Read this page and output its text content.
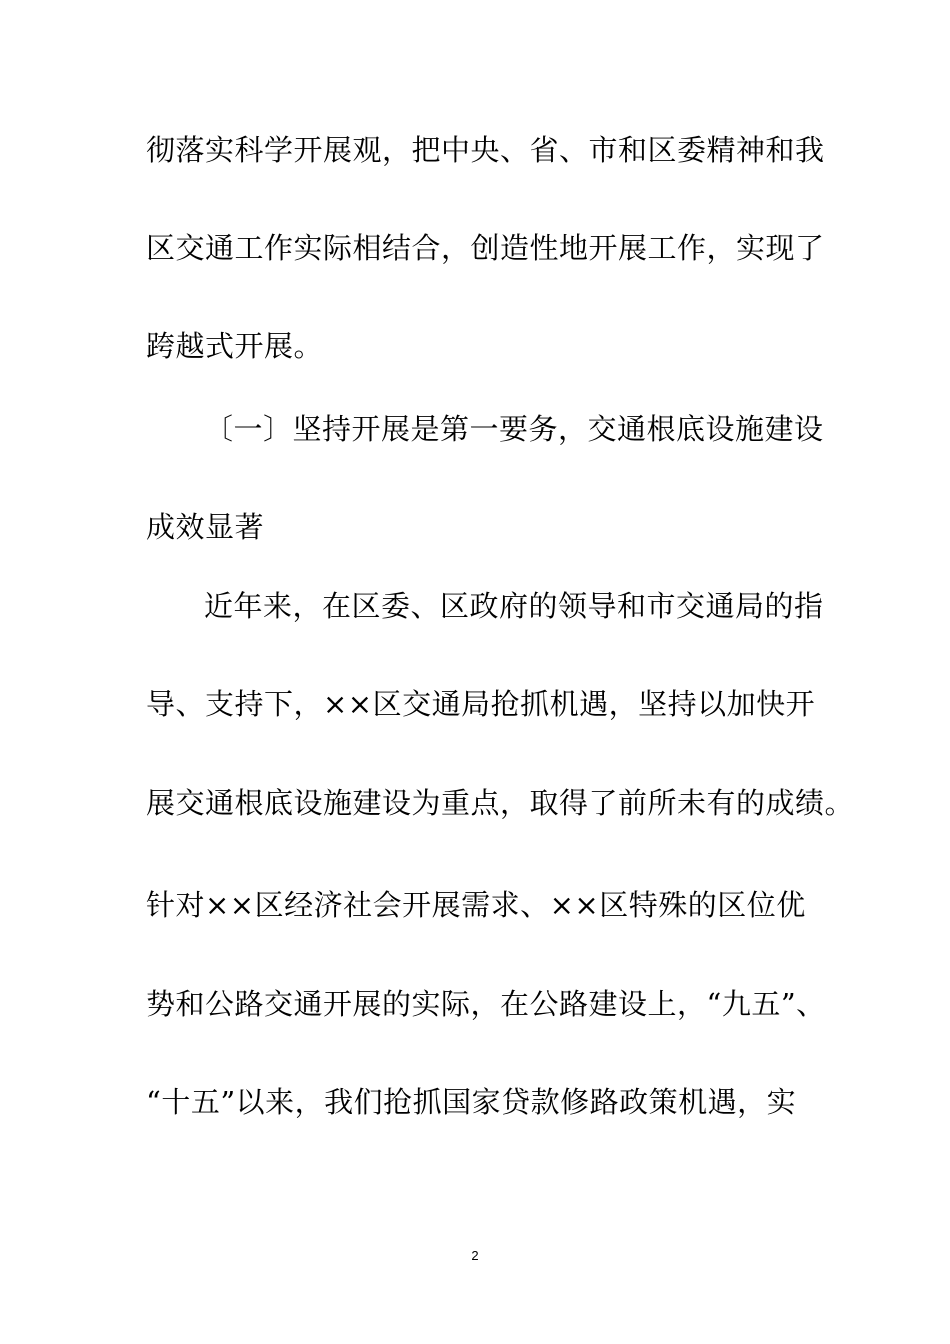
彻落实科学开展观，把中央、省、市和区委精神和我
区交通工作实际相结合，创造性地开展工作，实现了
跨越式开展。
〔一〕坚持开展是第一要务，交通根底设施建设
成效显著
近年来，在区委、区政府的领导和市交通局的指
导、支持下，××区交通局抢抓机遇，坚持以加快开
展交通根底设施建设为重点，取得了前所未有的成绩。
针对××区经济社会开展需求、××区特殊的区位优
势和公路交通开展的实际，在公路建设上，“九五”、
“十五”以来，我们抢抓国家贷款修路政策机遇，实
2
